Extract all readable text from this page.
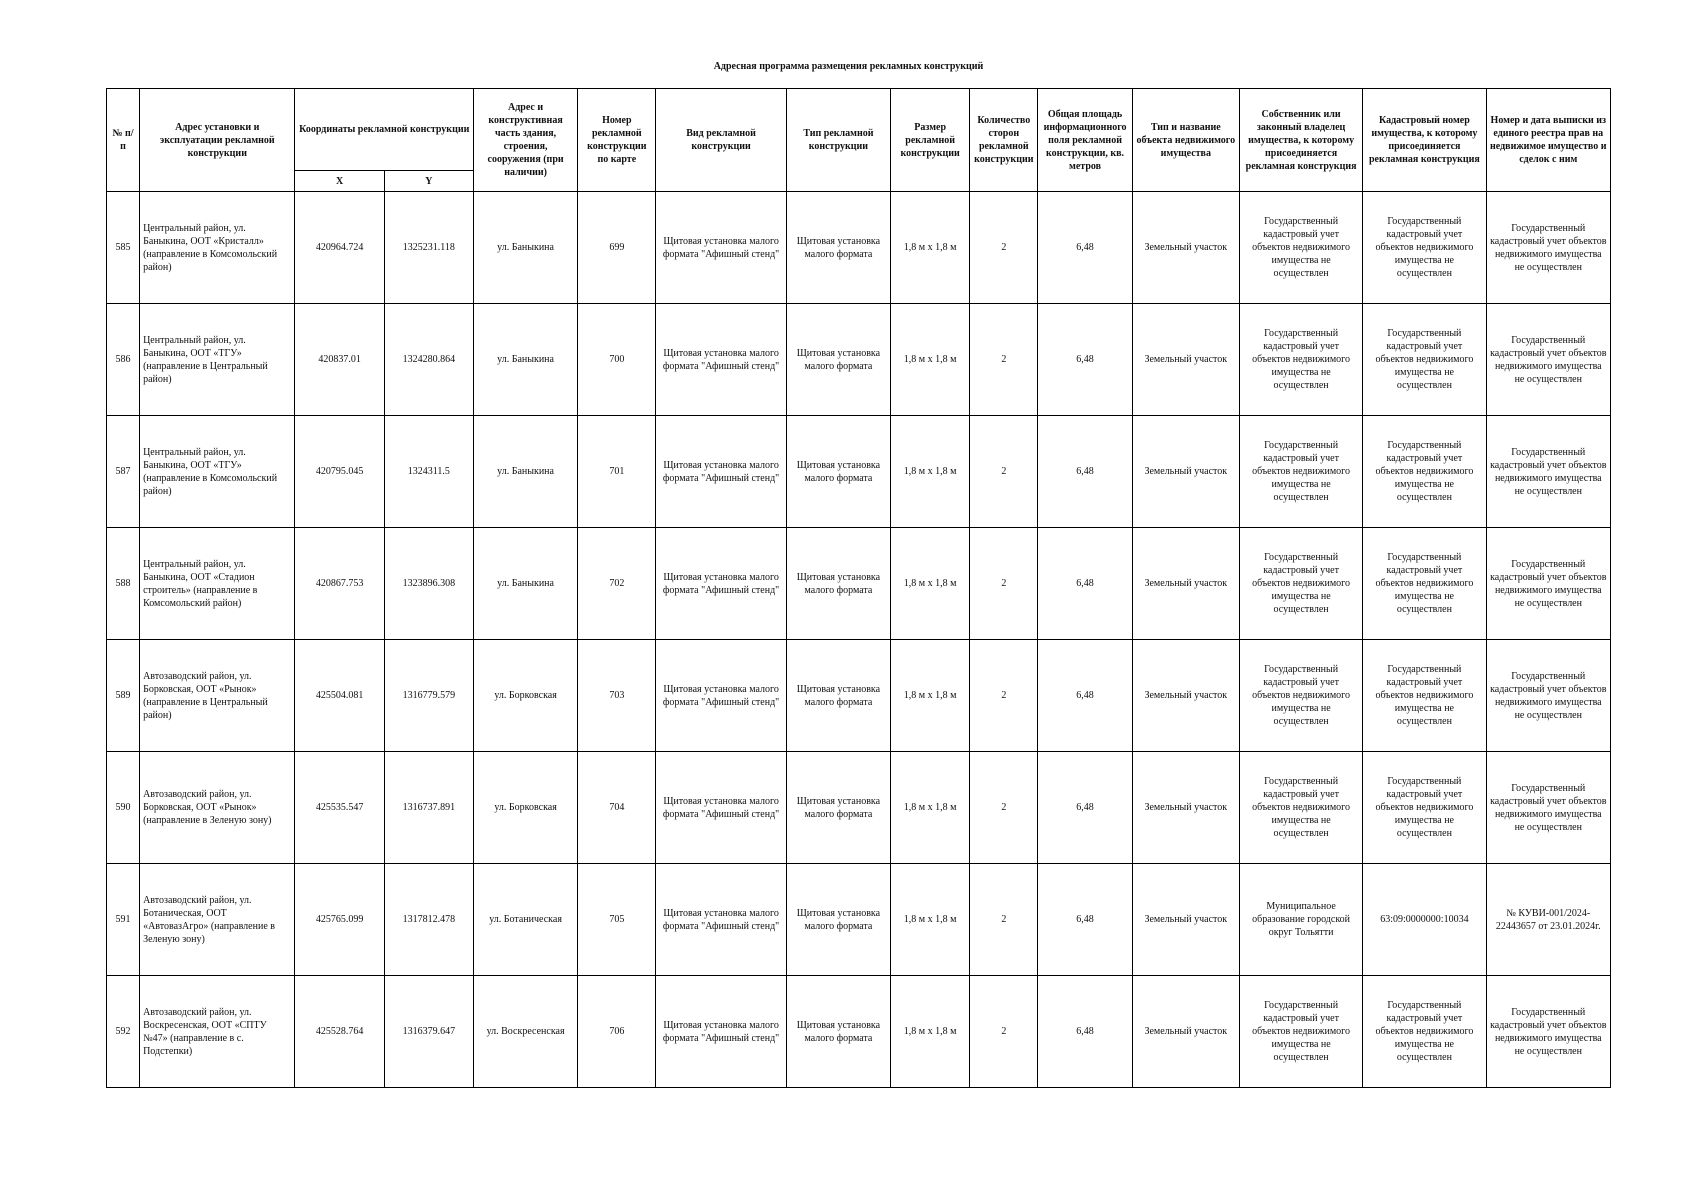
Адресная программа размещения рекламных конструкций
№ п/п	Адрес установки и эксплуатации рекламной конструкции	Координаты рекламной конструкции		Адрес и конструктивная часть здания, строения, сооружения (при наличии)	Номер рекламной конструкции по карте	Вид рекламной конструкции	Тип рекламной конструкции	Размер рекламной конструкции	Количество сторон рекламной конструкции	Общая площадь информационного поля рекламной конструкции, кв. метров	Тип и название объекта недвижимого имущества	Собственник или законный владелец имущества, к которому присоединяется рекламная конструкция	Кадастровый номер имущества, к которому присоединяется рекламная конструкция	Номер и дата выписки из единого реестра прав на недвижимое имущество и сделок с ним
		X	Y											
585	Центральный район, ул. Баныкина, ООТ «Кристалл» (направление в Комсомольский район)	420964.724	1325231.118	ул. Баныкина	699	Щитовая установка малого формата "Афишный стенд"	Щитовая установка малого формата	1,8 м х 1,8 м	2	6,48	Земельный участок	Государственный кадастровый учет объектов недвижимого имущества не осуществлен	Государственный кадастровый учет объектов недвижимого имущества не осуществлен	Государственный кадастровый учет объектов недвижимого имущества не осуществлен
586	Центральный район, ул. Баныкина, ООТ «ТГУ» (направление в Центральный район)	420837.01	1324280.864	ул. Баныкина	700	Щитовая установка малого формата "Афишный стенд"	Щитовая установка малого формата	1,8 м х 1,8 м	2	6,48	Земельный участок	Государственный кадастровый учет объектов недвижимого имущества не осуществлен	Государственный кадастровый учет объектов недвижимого имущества не осуществлен	Государственный кадастровый учет объектов недвижимого имущества не осуществлен
587	Центральный район, ул. Баныкина, ООТ «ТГУ» (направление в Комсомольский район)	420795.045	1324311.5	ул. Баныкина	701	Щитовая установка малого формата "Афишный стенд"	Щитовая установка малого формата	1,8 м х 1,8 м	2	6,48	Земельный участок	Государственный кадастровый учет объектов недвижимого имущества не осуществлен	Государственный кадастровый учет объектов недвижимого имущества не осуществлен	Государственный кадастровый учет объектов недвижимого имущества не осуществлен
588	Центральный район, ул. Баныкина, ООТ «Стадион строитель» (направление в Комсомольский район)	420867.753	1323896.308	ул. Баныкина	702	Щитовая установка малого формата "Афишный стенд"	Щитовая установка малого формата	1,8 м х 1,8 м	2	6,48	Земельный участок	Государственный кадастровый учет объектов недвижимого имущества не осуществлен	Государственный кадастровый учет объектов недвижимого имущества не осуществлен	Государственный кадастровый учет объектов недвижимого имущества не осуществлен
589	Автозаводский район, ул. Борковская, ООТ «Рынок» (направление в Центральный район)	425504.081	1316779.579	ул. Борковская	703	Щитовая установка малого формата "Афишный стенд"	Щитовая установка малого формата	1,8 м х 1,8 м	2	6,48	Земельный участок	Государственный кадастровый учет объектов недвижимого имущества не осуществлен	Государственный кадастровый учет объектов недвижимого имущества не осуществлен	Государственный кадастровый учет объектов недвижимого имущества не осуществлен
590	Автозаводский район, ул. Борковская, ООТ «Рынок» (направление в Зеленую зону)	425535.547	1316737.891	ул. Борковская	704	Щитовая установка малого формата "Афишный стенд"	Щитовая установка малого формата	1,8 м х 1,8 м	2	6,48	Земельный участок	Государственный кадастровый учет объектов недвижимого имущества не осуществлен	Государственный кадастровый учет объектов недвижимого имущества не осуществлен	Государственный кадастровый учет объектов недвижимого имущества не осуществлен
591	Автозаводский район, ул. Ботаническая, ООТ «АвтовазАгро» (направление в Зеленую зону)	425765.099	1317812.478	ул. Ботаническая	705	Щитовая установка малого формата "Афишный стенд"	Щитовая установка малого формата	1,8 м х 1,8 м	2	6,48	Земельный участок	Муниципальное образование городской округ Тольятти	63:09:0000000:10034	№ КУВИ-001/2024-22443657 от 23.01.2024г.
592	Автозаводский район, ул. Воскресенская, ООТ «СПТУ №47» (направление в с. Подстепки)	425528.764	1316379.647	ул. Воскресенская	706	Щитовая установка малого формата "Афишный стенд"	Щитовая установка малого формата	1,8 м х 1,8 м	2	6,48	Земельный участок	Государственный кадастровый учет объектов недвижимого имущества не осуществлен	Государственный кадастровый учет объектов недвижимого имущества не осуществлен	Государственный кадастровый учет объектов недвижимого имущества не осуществлен
